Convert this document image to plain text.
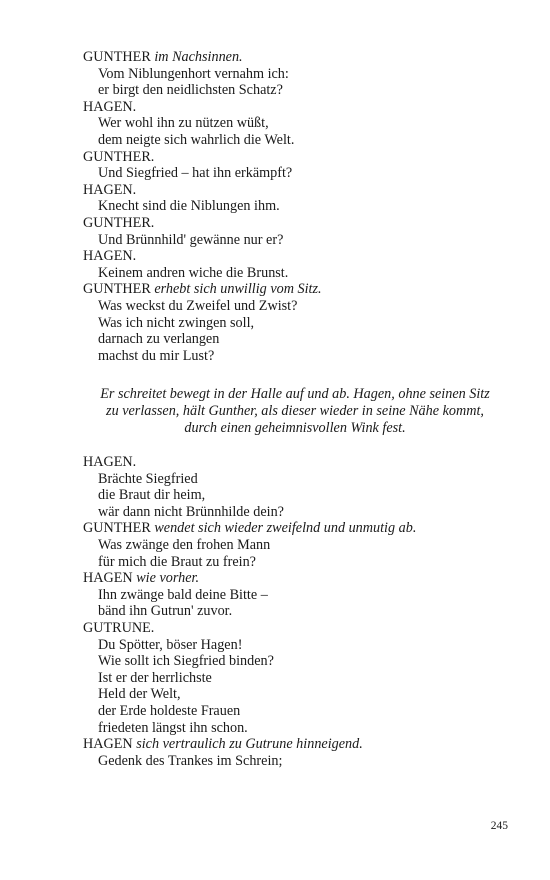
GUNTHER im Nachsinnen.
Vom Niblungenhort vernahm ich:
er birgt den neidlichsten Schatz?
HAGEN.
Wer wohl ihn zu nützen wüßt,
dem neigte sich wahrlich die Welt.
GUNTHER.
Und Siegfried – hat ihn erkämpft?
HAGEN.
Knecht sind die Niblungen ihm.
GUNTHER.
Und Brünnhild' gewänne nur er?
HAGEN.
Keinem andren wiche die Brunst.
GUNTHER erhebt sich unwillig vom Sitz.
Was weckst du Zweifel und Zwist?
Was ich nicht zwingen soll,
darnach zu verlangen
machst du mir Lust?
Er schreitet bewegt in der Halle auf und ab. Hagen, ohne seinen Sitz
zu verlassen, hält Gunther, als dieser wieder in seine Nähe kommt,
durch einen geheimnisvollen Wink fest.
HAGEN.
Brächte Siegfried
die Braut dir heim,
wär dann nicht Brünnhilde dein?
GUNTHER wendet sich wieder zweifelnd und unmutig ab.
Was zwänge den frohen Mann
für mich die Braut zu frein?
HAGEN wie vorher.
Ihn zwänge bald deine Bitte –
bänd ihn Gutrun' zuvor.
GUTRUNE.
Du Spötter, böser Hagen!
Wie sollt ich Siegfried binden?
Ist er der herrlichste
Held der Welt,
der Erde holdeste Frauen
friedeten längst ihn schon.
HAGEN sich vertraulich zu Gutrune hinneigend.
Gedenk des Trankes im Schrein;
245
